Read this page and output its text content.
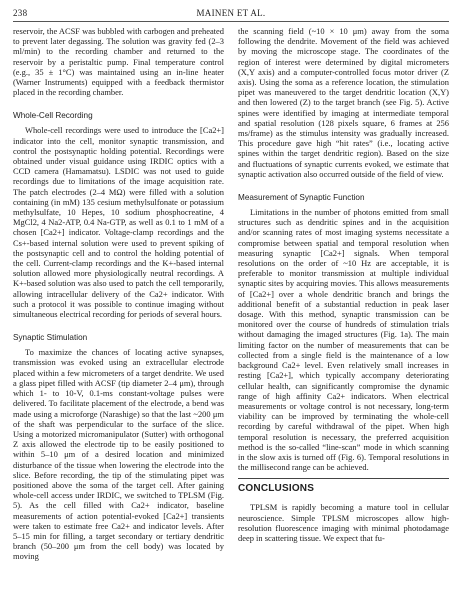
238	MAINEN ET AL.

reservoir, the ACSF was bubbled with carbogen and preheated to prevent later degassing. The solution was gravity fed (2–3 ml/min) to the recording chamber and returned to the reservoir by a peristaltic pump. Final temperature control (e.g., 35 ± 1°C) was maintained using an in-line heater (Warner Instruments) equipped with a feedback thermistor placed in the recording chamber.

Whole-Cell Recording

Whole-cell recordings were used to introduce the [Ca2+] indicator into the cell, monitor synaptic transmission, and control the postsynaptic holding potential. Recordings were obtained under visual guidance using IRDIC optics with a CCD camera (Hamamatsu). LSDIC was not used to guide recordings due to limitations of the image acquisition rate. The patch electrodes (2–4 MΩ) were filled with a solution containing (in mM) 135 cesium methylsulfonate or potassium methylsulfate, 10 Hepes, 10 sodium phosphocreatine, 4 MgCl2, 4 Na2-ATP, 0.4 Na-GTP, as well as 0.1 to 1 mM of a chosen [Ca2+] indicator. Voltage-clamp recordings and the Cs+-based internal solution were used to prevent spiking of the postsynaptic cell and to control the holding potential of the cell. Current-clamp recordings and the K+-based internal solution allowed more physiologically neutral recordings. A K+-based solution was also used to patch the cell temporarily, allowing intracellular delivery of the Ca2+ indicator. With such a protocol it was possible to continue imaging without simultaneous electrical recording for periods of several hours.

Synaptic Stimulation

To maximize the chances of locating active synapses, transmission was evoked using an extracellular electrode placed within a few micrometers of a target dendrite. We used a glass pipet filled with ACSF (tip diameter 2–4 μm), through which 1- to 10-V, 0.1-ms constant-voltage pulses were delivered. To facilitate placement of the electrode, a bend was made using a microforge (Narashige) so that the last ~200 μm of the shaft was perpendicular to the surface of the slice. Using a motorized micromanipulator (Sutter) with orthogonal Z axis allowed the electrode tip to be easily positioned to within 5–10 μm of a desired location and minimized disturbance of the tissue when lowering the electrode into the slice. Before recording, the tip of the stimulating pipet was positioned above the soma of the target cell. After gaining whole-cell access under IRDIC, we switched to TPLSM (Fig. 5). As the cell filled with Ca2+ indicator, baseline measurements of action potential-evoked [Ca2+] transients were taken to estimate free Ca2+ and indicator levels. After 5–15 min for filling, a target secondary or tertiary dendritic branch (50–200 μm from the cell body) was located by moving

the scanning field (~10 × 10 μm) away from the soma following the dendrite. Movement of the field was achieved by moving the microscope stage. The coordinates of the region of interest were determined by digital micrometers (X,Y axis) and a computer-controlled focus motor driver (Z axis). Using the soma as a reference location, the stimulation pipet was maneuvered to the target dendritic location (X,Y) and then lowered (Z) to the target branch (see Fig. 5). Active spines were identified by imaging at intermediate temporal and spatial resolution (128 pixels square, 6 frames at 256 ms/frame) as the stimulus intensity was gradually increased. This procedure gave high “hit rates” (i.e., locating active spines within the target dendritic region). Based on the size and fluctuations of synaptic currents evoked, we estimate that synaptic activation also occurred outside of the field of view.

Measurement of Synaptic Function

Limitations in the number of photons emitted from small structures such as dendritic spines and in the acquisition and/or scanning rates of most imaging systems necessitate a compromise between spatial and temporal resolution when measuring synaptic [Ca2+] signals. When temporal resolutions on the order of ~10 Hz are acceptable, it is preferable to monitor transmission at multiple individual synaptic sites by acquiring movies. This allows measurements of [Ca2+] over a whole dendritic branch and brings the additional benefit of a substantial reduction in peak laser dosage. With this method, synaptic transmission can be monitored over the course of hundreds of stimulation trials without damaging the imaged structures (Fig. 1a). The main limiting factor on the number of measurements that can be collected from a single field is the maintenance of a low background Ca2+ level. Even relatively small increases in resting [Ca2+], which typically accompany deteriorating cellular health, can significantly compromise the dynamic range of high affinity Ca2+ indicators. When electrical measurements or voltage control is not necessary, long-term viability can be improved by terminating the whole-cell recording by careful withdrawal of the pipet. When high temporal resolution is necessary, the preferred acquisition method is the so-called “line-scan” mode in which scanning in the slow axis is turned off (Fig. 6). Temporal resolutions in the millisecond range can be achieved.

CONCLUSIONS

TPLSM is rapidly becoming a mature tool in cellular neuroscience. Simple TPLSM microscopes allow high-resolution fluorescence imaging with minimal photodamage deep in scattering tissue. We expect that fu-
